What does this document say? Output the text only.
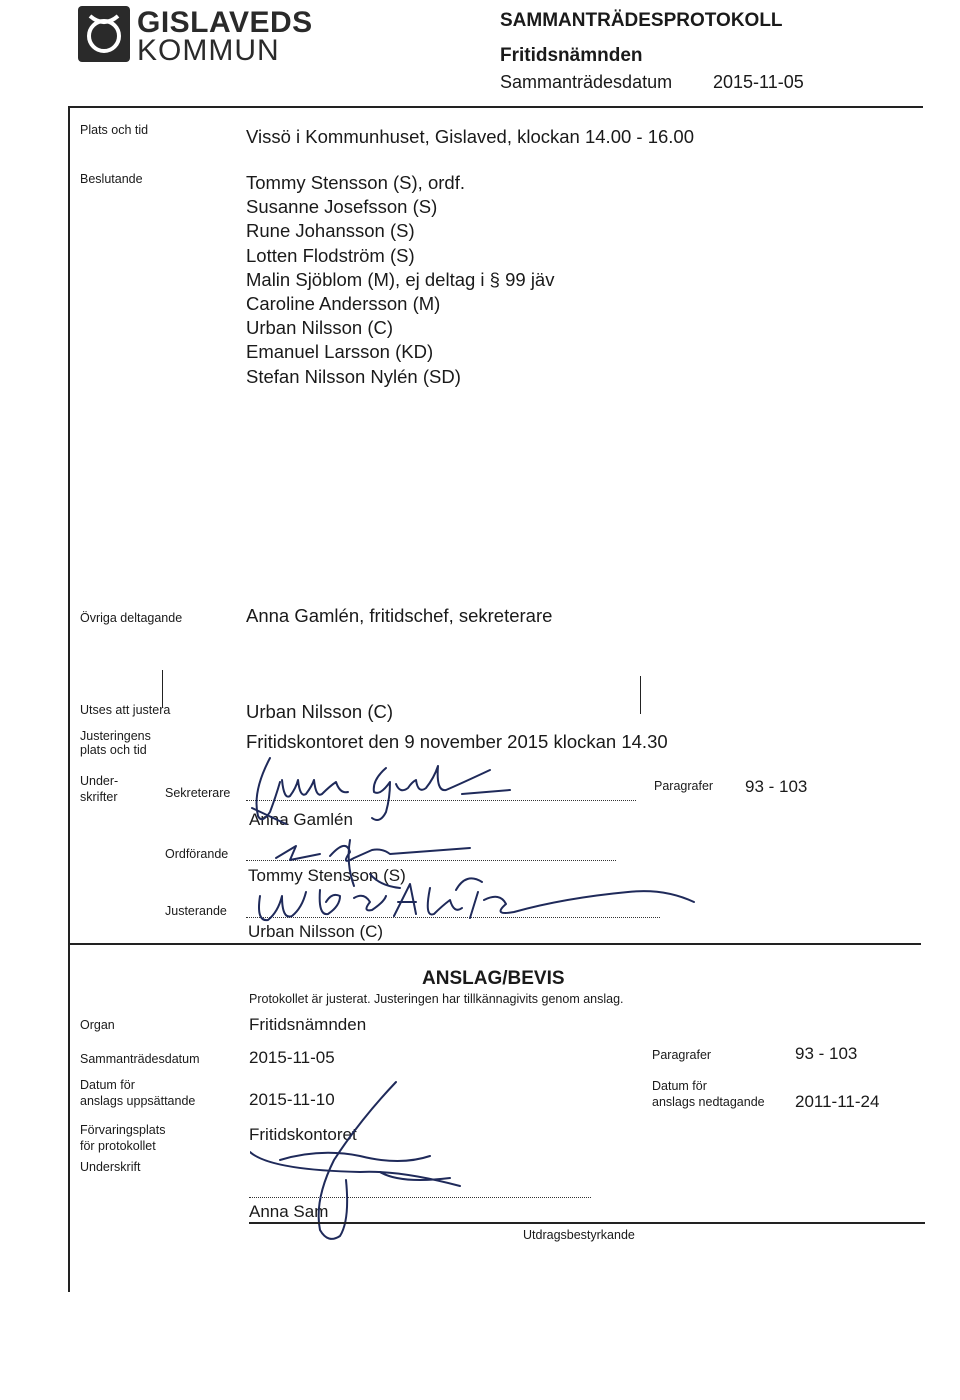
GISLAVEDS
KOMMUN
SAMMANTRÄDESPROTOKOLL
Fritidsnämnden
Sammanträdesdatum 2015-11-05
Plats och tid	Vissö i Kommunhuset, Gislaved, klockan 14.00 - 16.00
Beslutande	Tommy Stensson (S), ordf.
Susanne Josefsson (S)
Rune Johansson (S)
Lotten Flodström (S)
Malin Sjöblom (M), ej deltag i § 99 jäv
Caroline Andersson (M)
Urban Nilsson (C)
Emanuel Larsson (KD)
Stefan Nilsson Nylén (SD)
Övriga deltagande	Anna Gamlén, fritidschef, sekreterare
Utses att justera	Urban Nilsson (C)
Justeringens
plats och tid	Fritidskontoret den 9 november 2015 klockan 14.30
Under-
skrifter	Sekreterare	Paragrafer 93 - 103
Anna Gamlén
Ordförande
Tommy Stensson (S)
Justerande
Urban Nilsson (C)
ANSLAG/BEVIS
Protokollet är justerat. Justeringen har tillkännagivits genom anslag.
Organ	Fritidsnämnden
Sammanträdesdatum	2015-11-05	Paragrafer	93 - 103
Datum för
anslags uppsättande	2015-11-10
Datum för
anslags nedtagande 2011-11-24
Förvaringsplats
för protokollet
Fritidskontoret
Underskrift
Anna Sam
Utdragsbestyrkande
